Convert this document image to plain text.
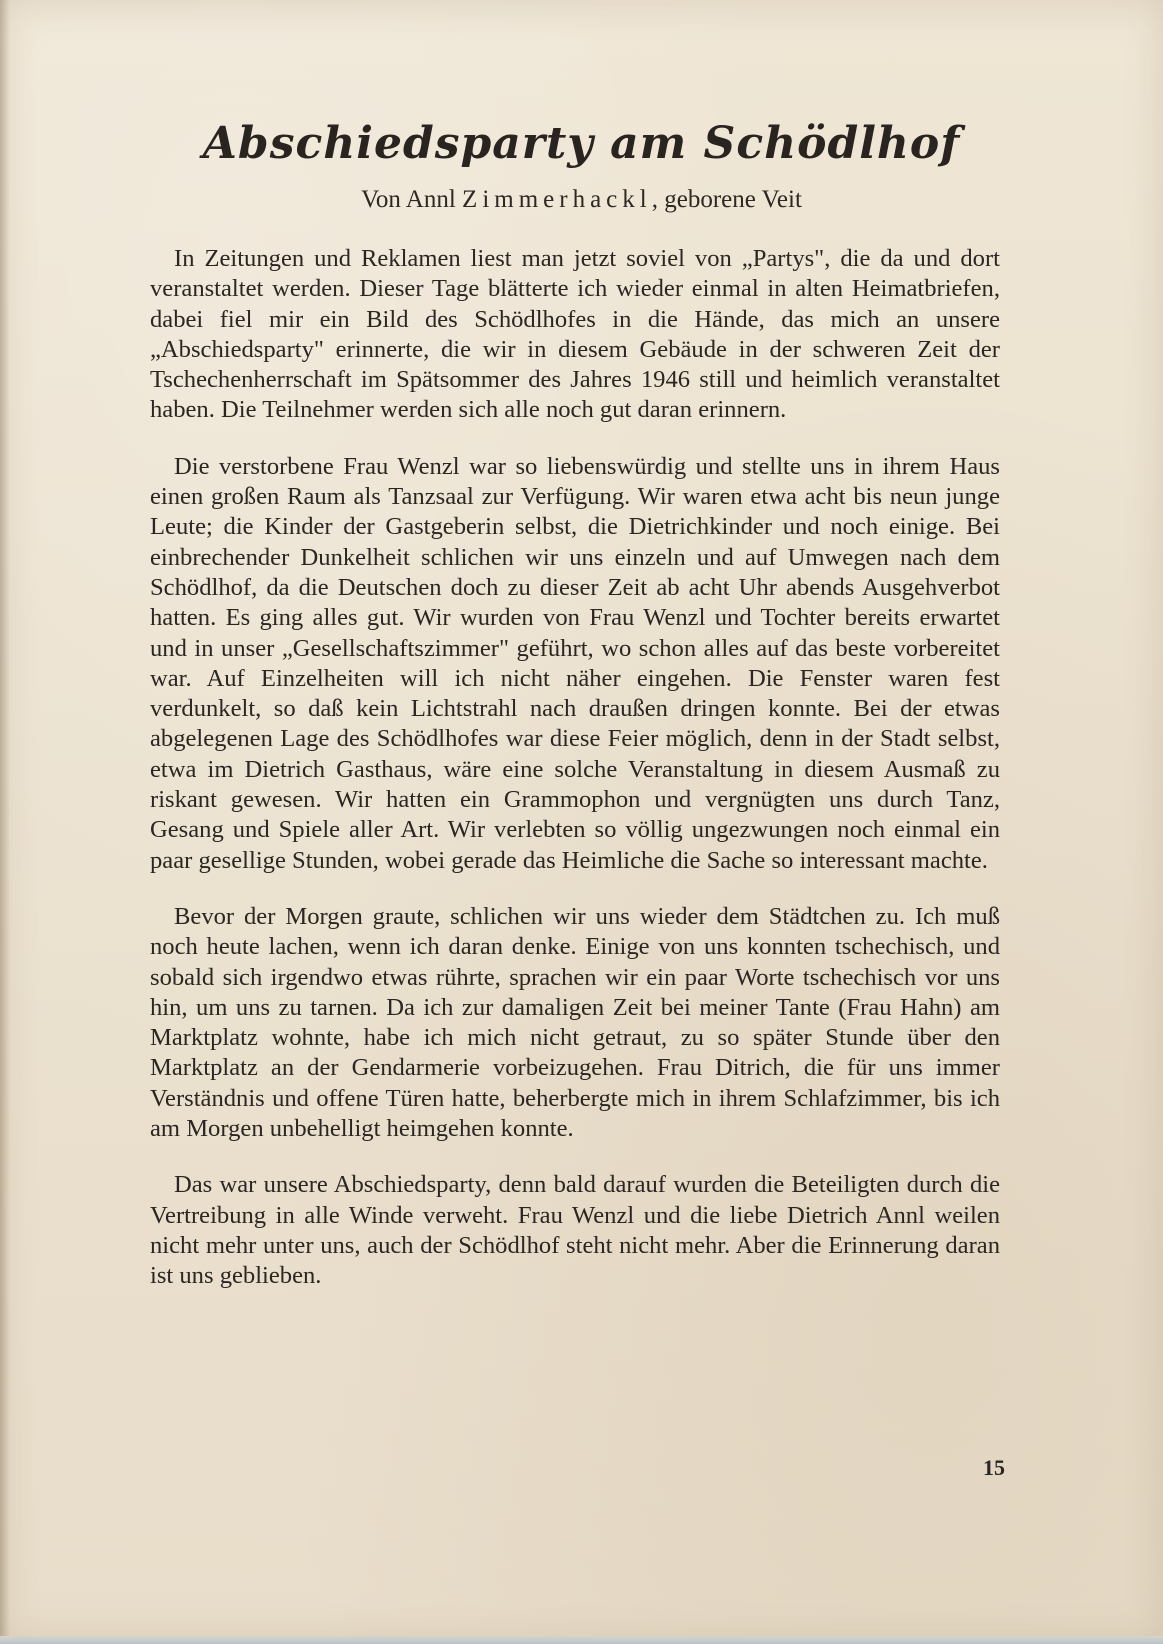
Abschiedsparty am Schödlhof
Von Annl Zimmerhackl, geborene Veit

In Zeitungen und Reklamen liest man jetzt soviel von „Partys", die da und dort veranstaltet werden. Dieser Tage blätterte ich wieder einmal in alten Heimatbriefen, dabei fiel mir ein Bild des Schödlhofes in die Hände, das mich an unsere „Abschiedsparty" erinnerte, die wir in diesem Gebäude in der schweren Zeit der Tschechenherrschaft im Spätsommer des Jahres 1946 still und heimlich veranstaltet haben. Die Teilnehmer werden sich alle noch gut daran erinnern.

Die verstorbene Frau Wenzl war so liebenswürdig und stellte uns in ihrem Haus einen großen Raum als Tanzsaal zur Verfügung. Wir waren etwa acht bis neun junge Leute; die Kinder der Gastgeberin selbst, die Dietrichkinder und noch einige. Bei einbrechender Dunkelheit schlichen wir uns einzeln und auf Umwegen nach dem Schödlhof, da die Deutschen doch zu dieser Zeit ab acht Uhr abends Ausgehverbot hatten. Es ging alles gut. Wir wurden von Frau Wenzl und Tochter bereits erwartet und in unser „Gesellschaftszimmer" geführt, wo schon alles auf das beste vorbereitet war. Auf Einzelheiten will ich nicht näher eingehen. Die Fenster waren fest verdunkelt, so daß kein Lichtstrahl nach draußen dringen konnte. Bei der etwas abgelegenen Lage des Schödlhofes war diese Feier möglich, denn in der Stadt selbst, etwa im Dietrich Gasthaus, wäre eine solche Veranstaltung in diesem Ausmaß zu riskant gewesen. Wir hatten ein Grammophon und vergnügten uns durch Tanz, Gesang und Spiele aller Art. Wir verlebten so völlig ungezwungen noch einmal ein paar gesellige Stunden, wobei gerade das Heimliche die Sache so interessant machte.

Bevor der Morgen graute, schlichen wir uns wieder dem Städtchen zu. Ich muß noch heute lachen, wenn ich daran denke. Einige von uns konnten tschechisch, und sobald sich irgendwo etwas rührte, sprachen wir ein paar Worte tschechisch vor uns hin, um uns zu tarnen. Da ich zur damaligen Zeit bei meiner Tante (Frau Hahn) am Marktplatz wohnte, habe ich mich nicht getraut, zu so später Stunde über den Marktplatz an der Gendarmerie vorbeizugehen. Frau Ditrich, die für uns immer Verständnis und offene Türen hatte, beherbergte mich in ihrem Schlafzimmer, bis ich am Morgen unbehelligt heimgehen konnte.

Das war unsere Abschiedsparty, denn bald darauf wurden die Beteiligten durch die Vertreibung in alle Winde verweht. Frau Wenzl und die liebe Dietrich Annl weilen nicht mehr unter uns, auch der Schödlhof steht nicht mehr. Aber die Erinnerung daran ist uns geblieben.

15
